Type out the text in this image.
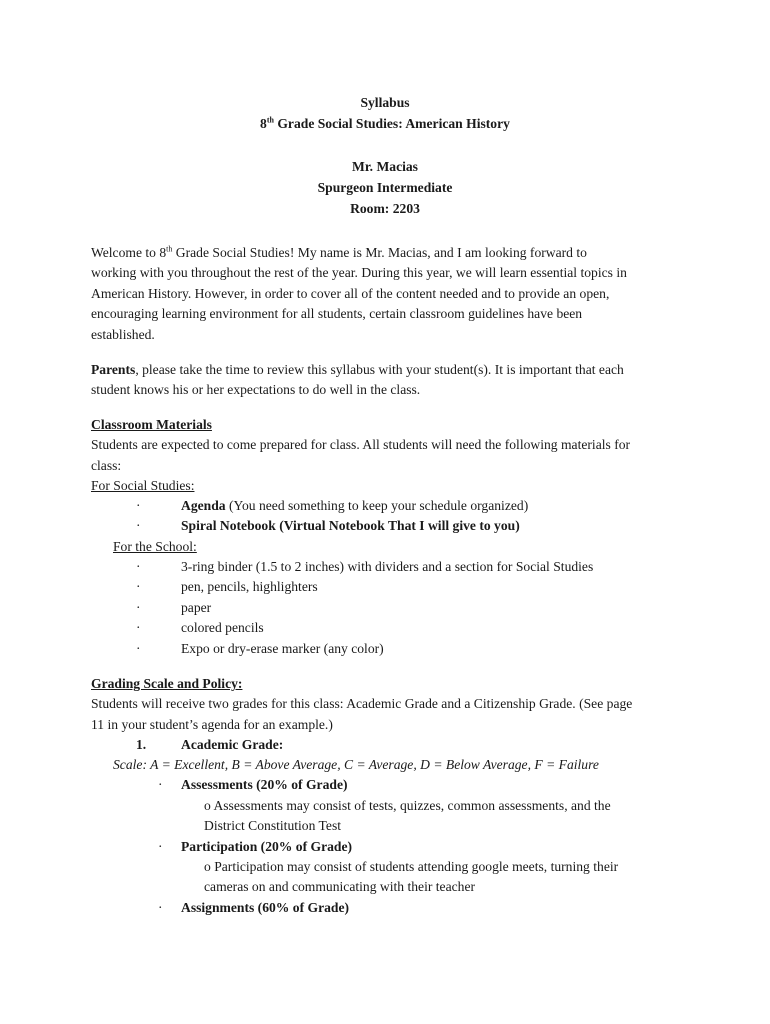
Syllabus
8th Grade Social Studies: American History
Mr. Macias
Spurgeon Intermediate
Room: 2203
Welcome to 8th Grade Social Studies! My name is Mr. Macias, and I am looking forward to
working with you throughout the rest of the year. During this year, we will learn essential topics in
American History. However, in order to cover all of the content needed and to provide an open,
encouraging learning environment for all students, certain classroom guidelines have been
established.
Parents, please take the time to review this syllabus with your student(s). It is important that each
student knows his or her expectations to do well in the class.
Classroom Materials
Students are expected to come prepared for class. All students will need the following materials for
class:
For Social Studies:
·	Agenda (You need something to keep your schedule organized)
·	Spiral Notebook (Virtual Notebook That I will give to you)
For the School:
·	3-ring binder (1.5 to 2 inches) with dividers and a section for Social Studies
·	pen, pencils, highlighters
·	paper
·	colored pencils
·	Expo or dry-erase marker (any color)
Grading Scale and Policy:
Students will receive two grades for this class: Academic Grade and a Citizenship Grade. (See page
11 in your student’s agenda for an example.)
1.	Academic Grade:
Scale: A = Excellent, B = Above Average, C = Average, D = Below Average, F = Failure
· Assessments (20% of Grade)
o Assessments may consist of tests, quizzes, common assessments, and the
District Constitution Test
· Participation (20% of Grade)
o Participation may consist of students attending google meets, turning their
cameras on and communicating with their teacher
· Assignments (60% of Grade)
